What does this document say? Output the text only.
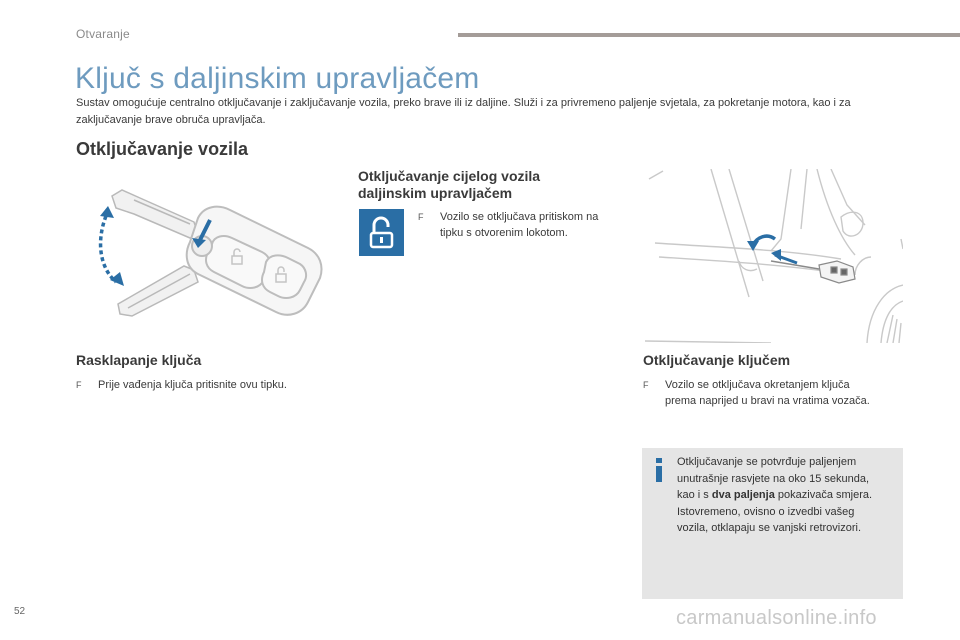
Otvaranje
Ključ s daljinskim upravljačem
Sustav omogućuje centralno otključavanje i zaključavanje vozila, preko brave ili iz daljine. Služi i za privremeno paljenje svjetala, za pokretanje motora, kao i za zaključavanje brave obruča upravljača.
Otključavanje vozila
Otključavanje cijelog vozila
daljinskim upravljačem
F	Vozilo se otključava pritiskom na
tipku s otvorenim lokotom.
Rasklapanje ključa
F	Prije vađenja ključa pritisnite ovu tipku.
Otključavanje ključem
F	Vozilo se otključava okretanjem ključa
prema naprijed u bravi na vratima vozača.
Otključavanje se potvrđuje paljenjem
unutrašnje rasvjete na oko 15 sekunda,
kao i s dva paljenja pokazivača smjera.
Istovremeno, ovisno o izvedbi vašeg
vozila, otklapaju se vanjski retrovizori.
52	carmanualsonline.info
